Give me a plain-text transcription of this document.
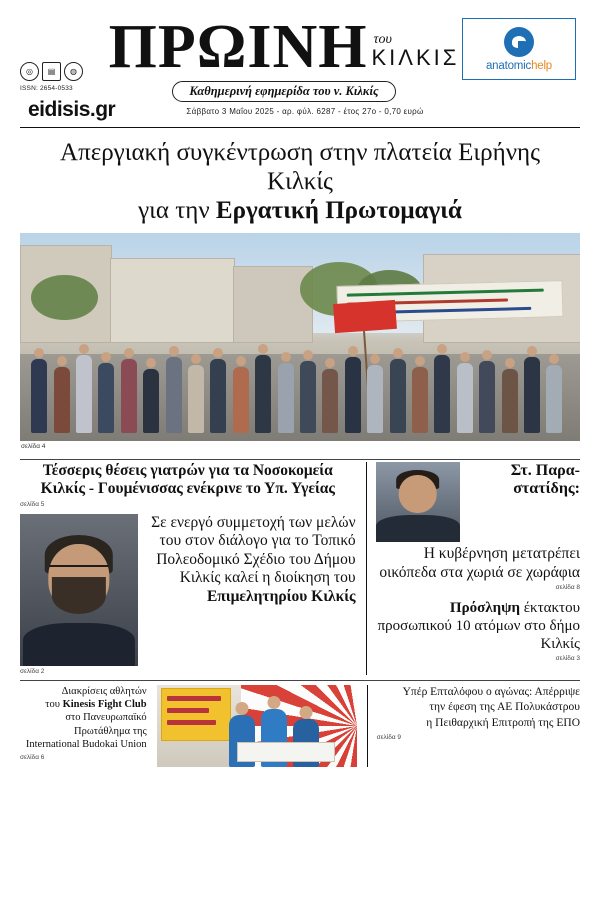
◎	▤	◍
ISSN: 2654-0533
ΠΡΩΙΝΗ του
ΚΙΛΚΙΣ
Καθημερινή εφημερίδα του ν. Κιλκίς
anatomichelp
eidisis.gr	Σάββατο 3 Μαΐου 2025 - αρ. φύλ. 6287 - έτος 27ο - 0,70 ευρώ
Απεργιακή συγκέντρωση στην πλατεία Ειρήνης Κιλκίς
για την Εργατική Πρωτομαγιά
σελίδα 4
Τέσσερις θέσεις γιατρών για τα Νοσοκομεία Κιλκίς - Γουμένισσας ενέκρινε το Υπ. Υγείας
σελίδα 5
Σε ενεργό συμμετοχή των μελών του στον διάλογο για το Τοπικό Πολεοδομικό Σχέδιο του Δήμου Κιλκίς καλεί η διοίκηση του Επιμελητηρίου Κιλκίς
σελίδα 2
Στ. Παρα-
στατίδης:
Η κυβέρνηση μετατρέπει οικόπεδα στα χωριά σε χωράφια
σελίδα 8
Πρόσληψη έκτακτου προσωπικού 10 ατόμων στο δήμο Κιλκίς
σελίδα 3
Διακρίσεις αθλητών
του Kinesis Fight Club
στο Πανευρωπαϊκό Πρωτάθλημα της International Budokai Union
σελίδα 6
Υπέρ Επταλόφου ο αγώνας: Απέρριψε
την έφεση της ΑΕ Πολυκάστρου
η Πειθαρχική Επιτροπή της ΕΠΟ
σελίδα 9
